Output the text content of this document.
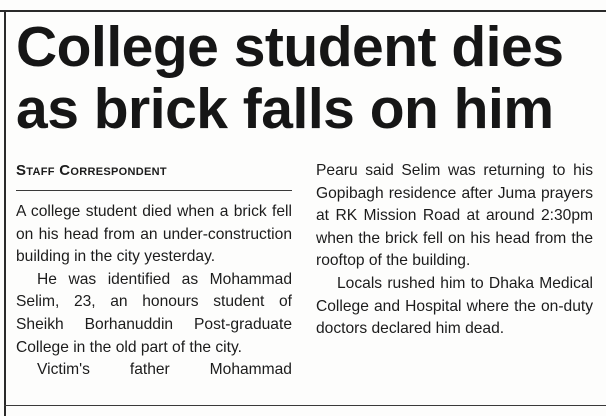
College student dies
as brick falls on him
Staff Correspondent

A college student died when a brick fell on his head from an under-construction building in the city yesterday.

He was identified as Mohammad Selim, 23, an honours student of Sheikh Borhanuddin Post-graduate College in the old part of the city.

Victim's father Mohammad

Pearu said Selim was returning to his Gopibagh residence after Juma prayers at RK Mission Road at around 2:30pm when the brick fell on his head from the rooftop of the building.

Locals rushed him to Dhaka Medical College and Hospital where the on-duty doctors declared him dead.
